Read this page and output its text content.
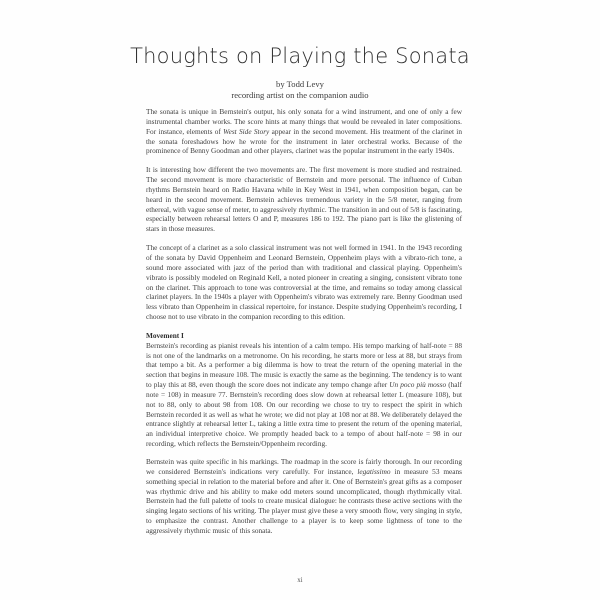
Thoughts on Playing the Sonata
by Todd Levy
recording artist on the companion audio

The sonata is unique in Bernstein's output, his only sonata for a wind instrument, and one of only a few instrumental chamber works. The score hints at many things that would be revealed in later compositions. For instance, elements of West Side Story appear in the second movement. His treatment of the clarinet in the sonata foreshadows how he wrote for the instrument in later orchestral works. Because of the prominence of Benny Goodman and other players, clarinet was the popular instrument in the early 1940s.

It is interesting how different the two movements are. The first movement is more studied and restrained. The second movement is more characteristic of Bernstein and more personal. The influence of Cuban rhythms Bernstein heard on Radio Havana while in Key West in 1941, when composition began, can be heard in the second movement. Bernstein achieves tremendous variety in the 5/8 meter, ranging from ethereal, with vague sense of meter, to aggressively rhythmic. The transition in and out of 5/8 is fascinating, especially between rehearsal letters O and P, measures 186 to 192. The piano part is like the glistening of stars in those measures.

The concept of a clarinet as a solo classical instrument was not well formed in 1941. In the 1943 recording of the sonata by David Oppenheim and Leonard Bernstein, Oppenheim plays with a vibrato-rich tone, a sound more associated with jazz of the period than with traditional and classical playing. Oppenheim's vibrato is possibly modeled on Reginald Kell, a noted pioneer in creating a singing, consistent vibrato tone on the clarinet. This approach to tone was controversial at the time, and remains so today among classical clarinet players. In the 1940s a player with Oppenheim's vibrato was extremely rare. Benny Goodman used less vibrato than Oppenheim in classical repertoire, for instance. Despite studying Oppenheim's recording, I choose not to use vibrato in the companion recording to this edition.

Movement I
Bernstein's recording as pianist reveals his intention of a calm tempo. His tempo marking of half-note = 88 is not one of the landmarks on a metronome. On his recording, he starts more or less at 88, but strays from that tempo a bit. As a performer a big dilemma is how to treat the return of the opening material in the section that begins in measure 108. The music is exactly the same as the beginning. The tendency is to want to play this at 88, even though the score does not indicate any tempo change after Un poco più mosso (half note = 108) in measure 77. Bernstein's recording does slow down at rehearsal letter L (measure 108), but not to 88, only to about 98 from 108. On our recording we chose to try to respect the spirit in which Bernstein recorded it as well as what he wrote; we did not play at 108 nor at 88. We deliberately delayed the entrance slightly at rehearsal letter L, taking a little extra time to present the return of the opening material, an individual interpretive choice. We promptly headed back to a tempo of about half-note = 98 in our recording, which reflects the Bernstein/Oppenheim recording.

Bernstein was quite specific in his markings. The roadmap in the score is fairly thorough. In our recording we considered Bernstein's indications very carefully. For instance, legatissimo in measure 53 means something special in relation to the material before and after it. One of Bernstein's great gifts as a composer was rhythmic drive and his ability to make odd meters sound uncomplicated, though rhythmically vital. Bernstein had the full palette of tools to create musical dialogue: he contrasts these active sections with the singing legato sections of his writing. The player must give these a very smooth flow, very singing in style, to emphasize the contrast. Another challenge to a player is to keep some lightness of tone to the aggressively rhythmic music of this sonata.

xi
